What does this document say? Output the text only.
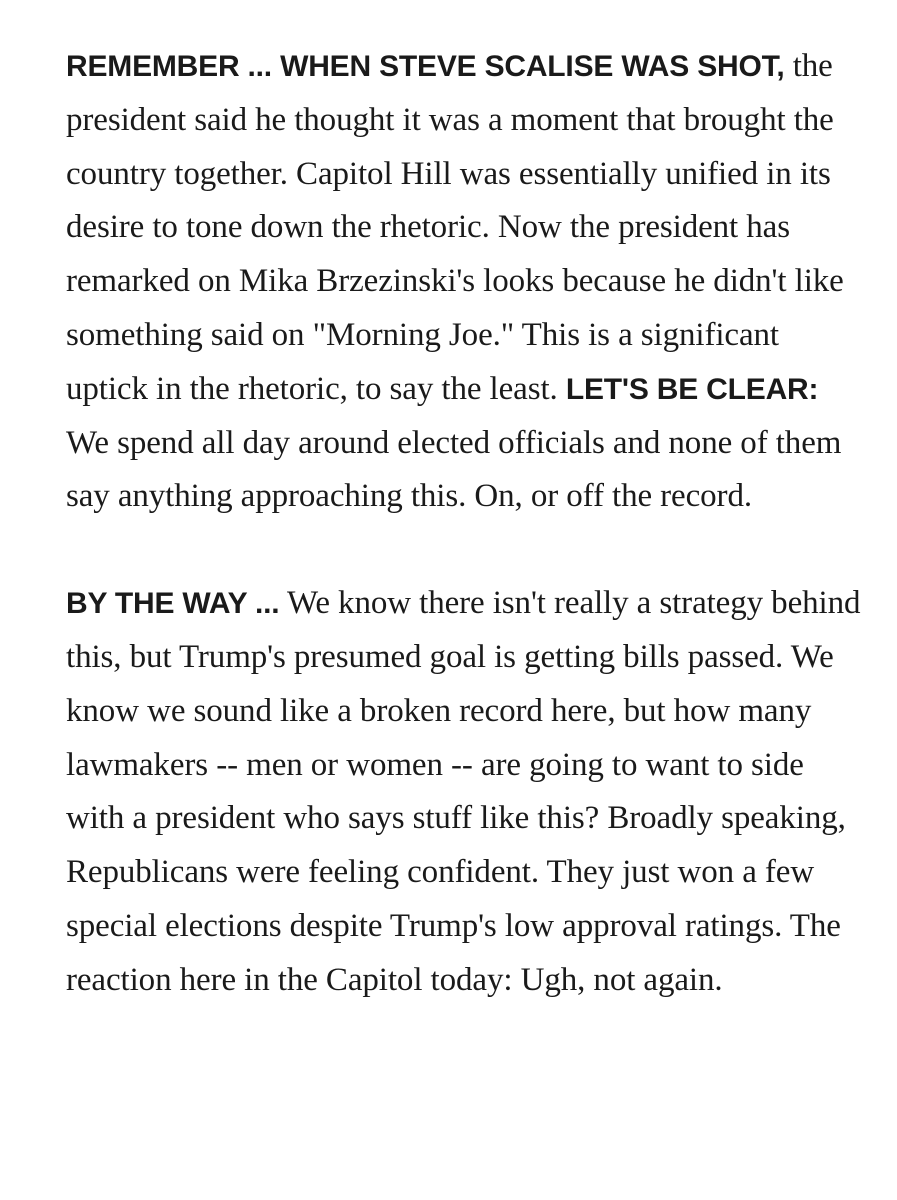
REMEMBER ... WHEN STEVE SCALISE WAS SHOT, the president said he thought it was a moment that brought the country together. Capitol Hill was essentially unified in its desire to tone down the rhetoric. Now the president has remarked on Mika Brzezinski's looks because he didn't like something said on "Morning Joe." This is a significant uptick in the rhetoric, to say the least. LET'S BE CLEAR: We spend all day around elected officials and none of them say anything approaching this. On, or off the record.

BY THE WAY ... We know there isn't really a strategy behind this, but Trump's presumed goal is getting bills passed. We know we sound like a broken record here, but how many lawmakers -- men or women -- are going to want to side with a president who says stuff like this? Broadly speaking, Republicans were feeling confident. They just won a few special elections despite Trump's low approval ratings. The reaction here in the Capitol today: Ugh, not again.
